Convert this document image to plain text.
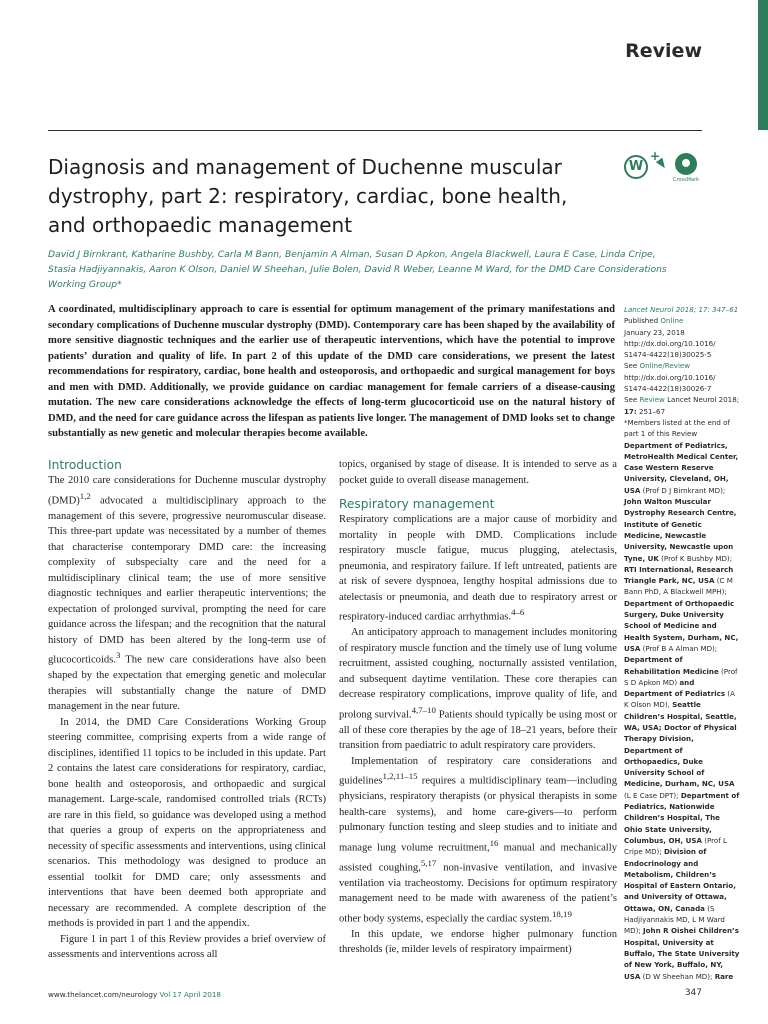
Review
Diagnosis and management of Duchenne muscular dystrophy, part 2: respiratory, cardiac, bone health, and orthopaedic management
W
+
CrossMark

David J Birnkrant, Katharine Bushby, Carla M Bann, Benjamin A Alman, Susan D Apkon, Angela Blackwell, Laura E Case, Linda Cripe,

Stasia Hadjiyannakis, Aaron K Olson, Daniel W Sheehan, Julie Bolen, David R Weber, Leanne M Ward, for the DMD Care Considerations

Working Group*

A coordinated, multidisciplinary approach to care is essential for optimum management of the primary manifestations and secondary complications of Duchenne muscular dystrophy (DMD). Contemporary care has been shaped by the availability of more sensitive diagnostic techniques and the earlier use of therapeutic interventions, which have the potential to improve patients’ duration and quality of life. In part 2 of this update of the DMD care considerations, we present the latest recommendations for respiratory, cardiac, bone health and osteoporosis, and orthopaedic and surgical management for boys and men with DMD. Additionally, we provide guidance on cardiac management for female carriers of a disease-causing mutation. The new care considerations acknowledge the effects of long-term glucocorticoid use on the natural history of DMD, and the need for care guidance across the lifespan as patients live longer. The management of DMD looks set to change substantially as new genetic and molecular therapies become available.
Lancet Neurol 2018; 17: 347–61
Published Online
January 23, 2018
http://dx.doi.org/10.1016/ S1474-4422(18)30025-5
See Online/Review
http://dx.doi.org/10.1016/ S1474-4422(18)30026-7
See Review Lancet Neurol 2018; 17: 251–67
*Members listed at the end of part 1 of this Review
Department of Pediatrics, MetroHealth Medical Center, Case Western Reserve University, Cleveland, OH, USA (Prof D J Birnkrant MD); John Walton Muscular Dystrophy Research Centre, Institute of Genetic Medicine, Newcastle University, Newcastle upon Tyne, UK (Prof K Bushby MD); RTI International, Research Triangle Park, NC, USA (C M Bann PhD, A Blackwell MPH); Department of Orthopaedic Surgery, Duke University School of Medicine and Health System, Durham, NC, USA (Prof B A Alman MD); Department of Rehabilitation Medicine (Prof S D Apkon MD) and Department of Pediatrics (A K Olson MD), Seattle Children’s Hospital, Seattle, WA, USA; Doctor of Physical Therapy Division, Department of Orthopaedics, Duke University School of Medicine, Durham, NC, USA (L E Case DPT); Department of Pediatrics, Nationwide Children’s Hospital, The Ohio State University, Columbus, OH, USA (Prof L Cripe MD); Division of Endocrinology and Metabolism, Children’s Hospital of Eastern Ontario, and University of Ottawa, Ottawa, ON, Canada (S Hadjiyannakis MD, L M Ward MD); John R Oishei Children’s Hospital, University at Buffalo, The State University of New York, Buffalo, NY, USA (D W Sheehan MD); Rare
Introduction

The 2010 care considerations for Duchenne muscular dystrophy (DMD)$^{1,2}$ advocated a multidisciplinary approach to the management of this severe, progressive neuromuscular disease. This three-part update was necessitated by a number of themes that characterise contemporary DMD care: the increasing complexity of subspecialty care and the need for a multidisciplinary clinical team; the use of more sensitive diagnostic techniques and earlier therapeutic interventions; the expectation of prolonged survival, prompting the need for care guidance across the lifespan; and the recognition that the natural history of DMD has been altered by the long-term use of glucocorticoids.$^3$ The new care considerations have also been shaped by the expectation that emerging genetic and molecular therapies will substantially change the nature of DMD management in the near future.

In 2014, the DMD Care Considerations Working Group steering committee, comprising experts from a wide range of disciplines, identified 11 topics to be included in this update. Part 2 contains the latest care considerations for respiratory, cardiac, bone health and osteoporosis, and orthopaedic and surgical management. Large-scale, randomised controlled trials (RCTs) are rare in this field, so guidance was developed using a method that queries a group of experts on the appropriateness and necessity of specific assessments and interventions, using clinical scenarios. This methodology was designed to produce an essential toolkit for DMD care; only assessments and interventions that have been deemed both appropriate and necessary are recommended. A complete description of the methods is provided in part 1 and the appendix.

Figure 1 in part 1 of this Review provides a brief overview of assessments and interventions across all

topics, organised by stage of disease. It is intended to serve as a pocket guide to overall disease management.

Respiratory management

Respiratory complications are a major cause of morbidity and mortality in people with DMD. Complications include respiratory muscle fatigue, mucus plugging, atelectasis, pneumonia, and respiratory failure. If left untreated, patients are at risk of severe dyspnoea, lengthy hospital admissions due to atelectasis or pneumonia, and death due to respiratory arrest or respiratory-induced cardiac arrhythmias.$^{4-6}$

An anticipatory approach to management includes monitoring of respiratory muscle function and the timely use of lung volume recruitment, assisted coughing, nocturnally assisted ventilation, and subsequent daytime ventilation. These core therapies can decrease respiratory complications, improve quality of life, and prolong survival.$^{4,7-10}$ Patients should typically be using most or all of these core therapies by the age of 18–21 years, before their transition from paediatric to adult respiratory care providers.

Implementation of respiratory care considerations and guidelines$^{1,2,11-15}$ requires a multidisciplinary team—including physicians, respiratory therapists (or physical therapists in some health-care systems), and home care-givers—to perform pulmonary function testing and sleep studies and to initiate and manage lung volume recruitment,$^{16}$ manual and mechanically assisted coughing,$^{5,17}$ non-invasive ventilation, and invasive ventilation via tracheostomy. Decisions for optimum respiratory management need to be made with awareness of the patient’s other body systems, especially the cardiac system.$^{18,19}$

In this update, we endorse higher pulmonary function thresholds (ie, milder levels of respiratory impairment)

www.thelancet.com/neurology Vol 17 April 2018	347
